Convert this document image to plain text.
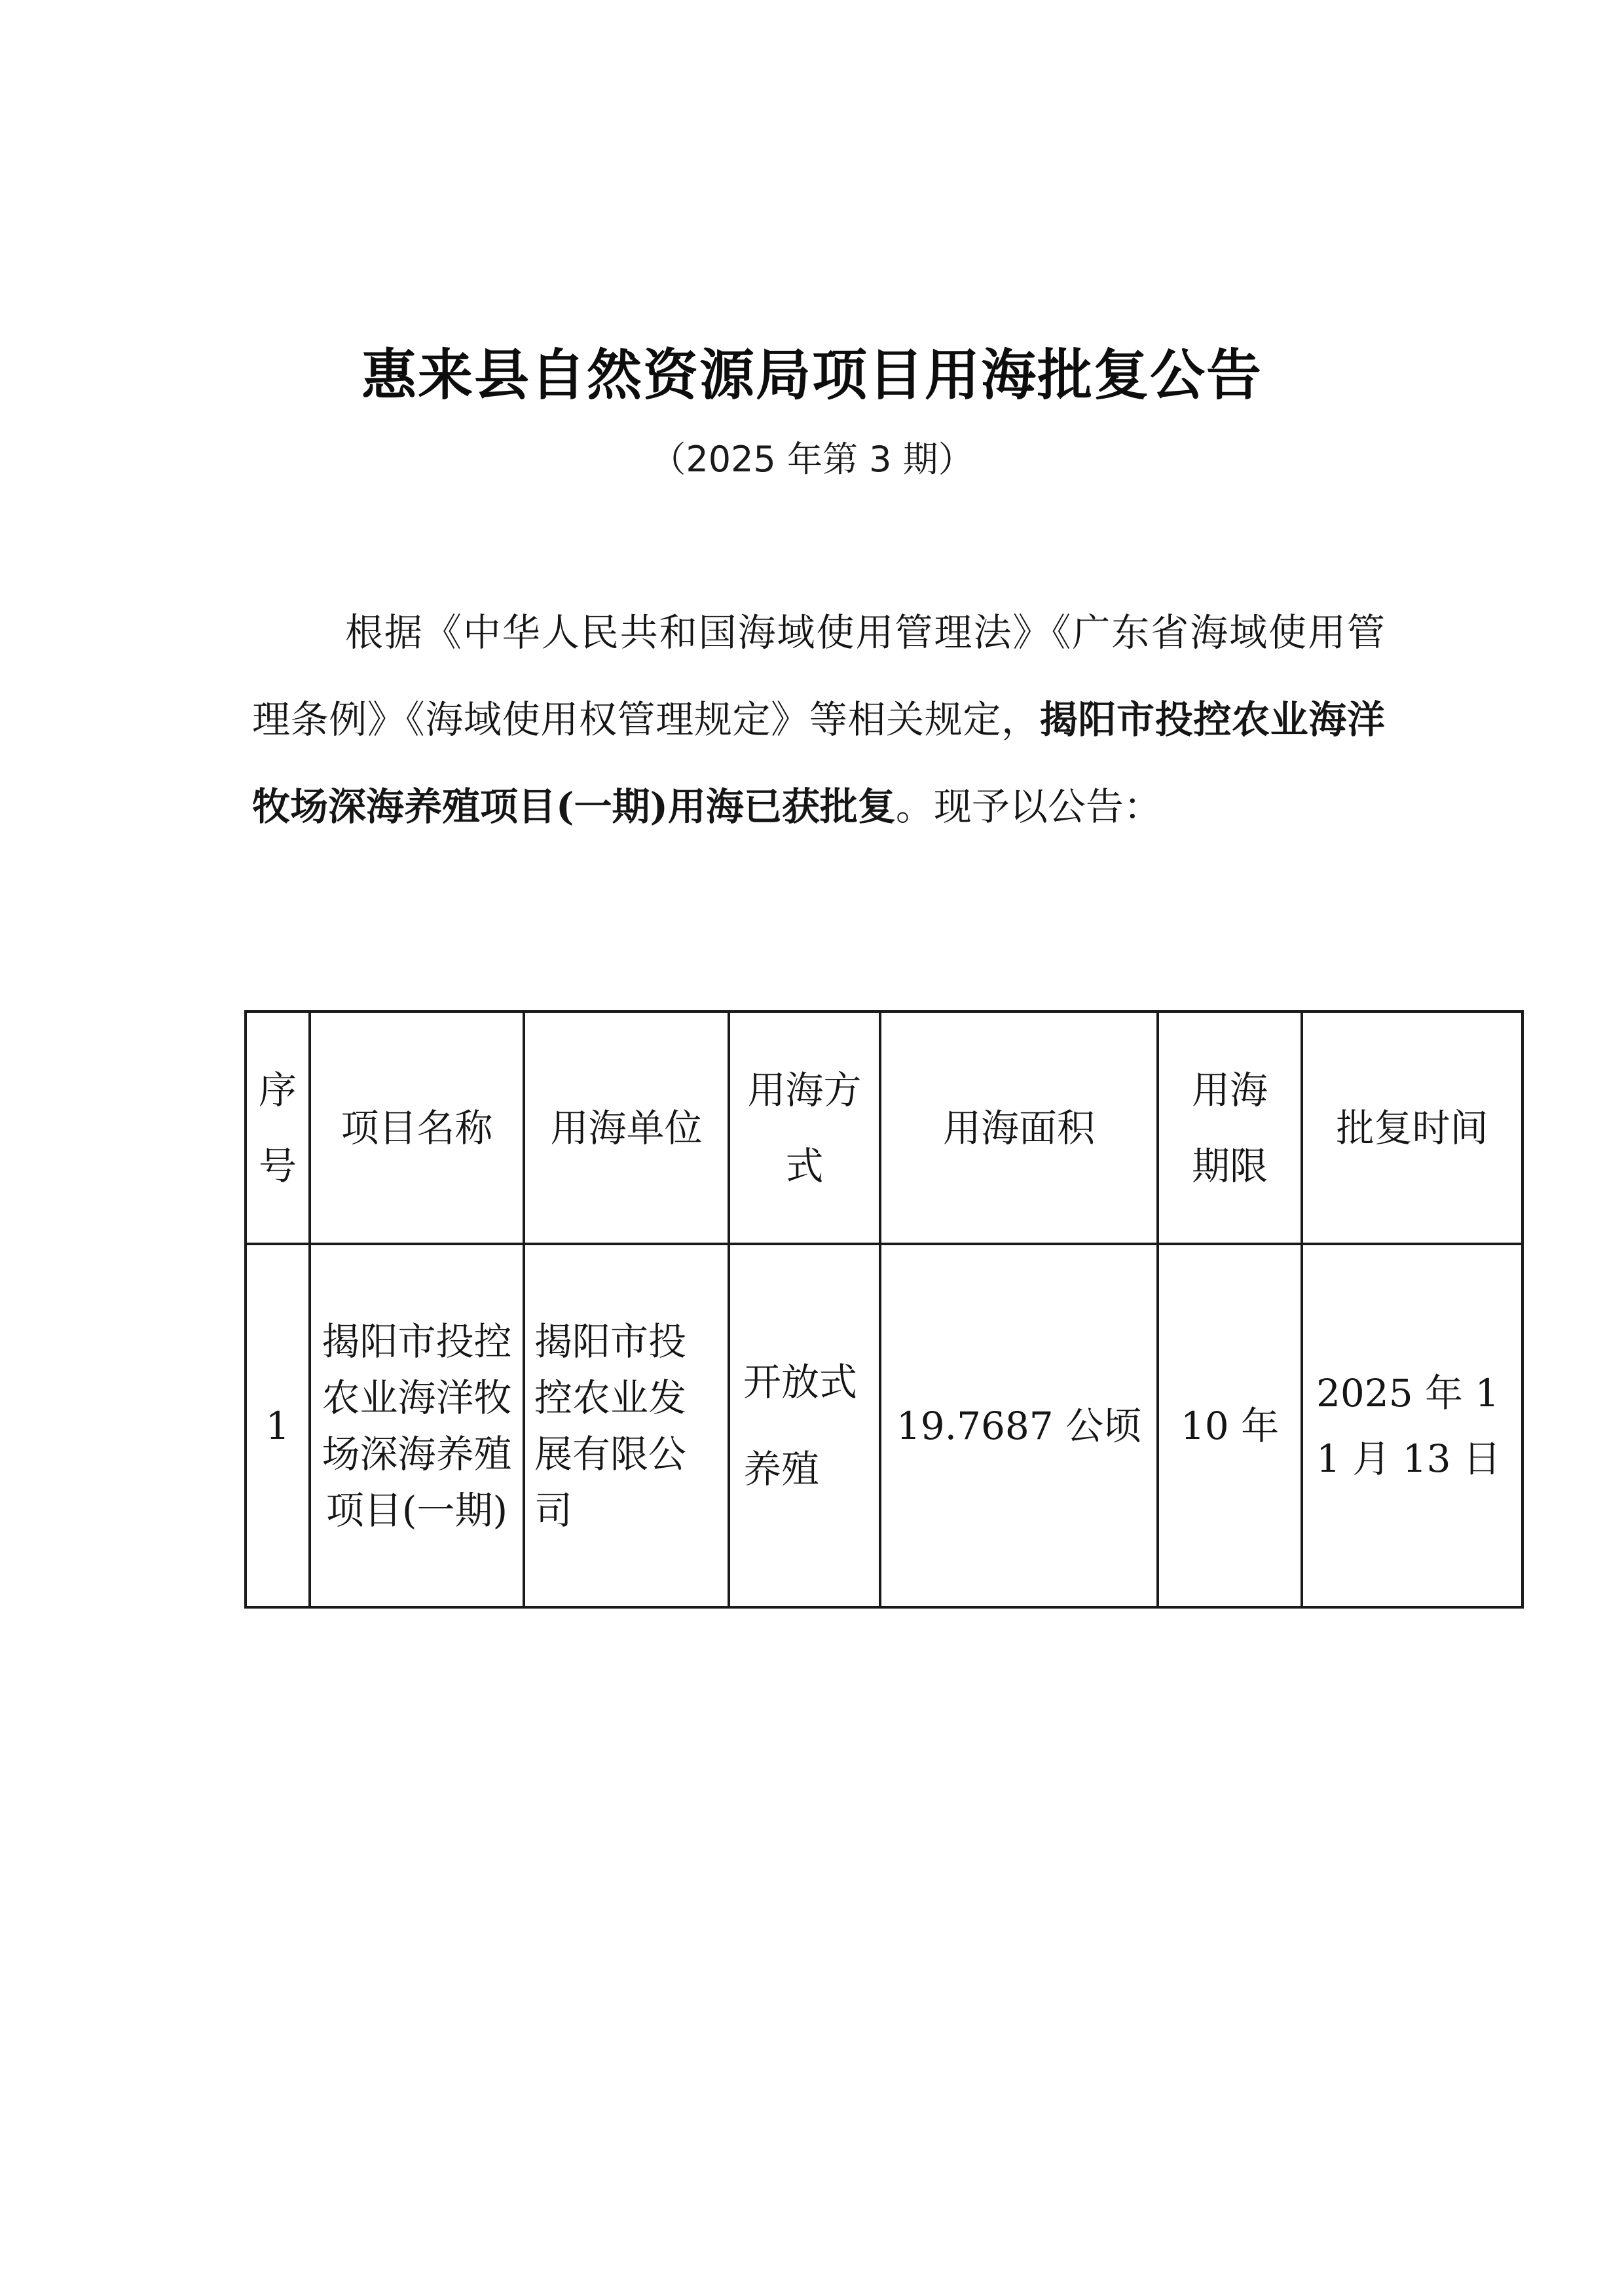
惠来县自然资源局项目用海批复公告
（2025 年第 3 期）
根据《中华人民共和国海域使用管理法》《广东省海域使用管理条例》《海域使用权管理规定》等相关规定，揭阳市投控农业海洋牧场深海养殖项目(一期)用海已获批复。现予以公告：
序号	项目名称	用海单位	用海方式	用海面积	用海期限	批复时间

1	揭阳市投控农业海洋牧场深海养殖项目(一期)	揭阳市投控农业发展有限公司	开放式养殖	19.7687 公顷	10 年	2025 年 11 月 13 日
